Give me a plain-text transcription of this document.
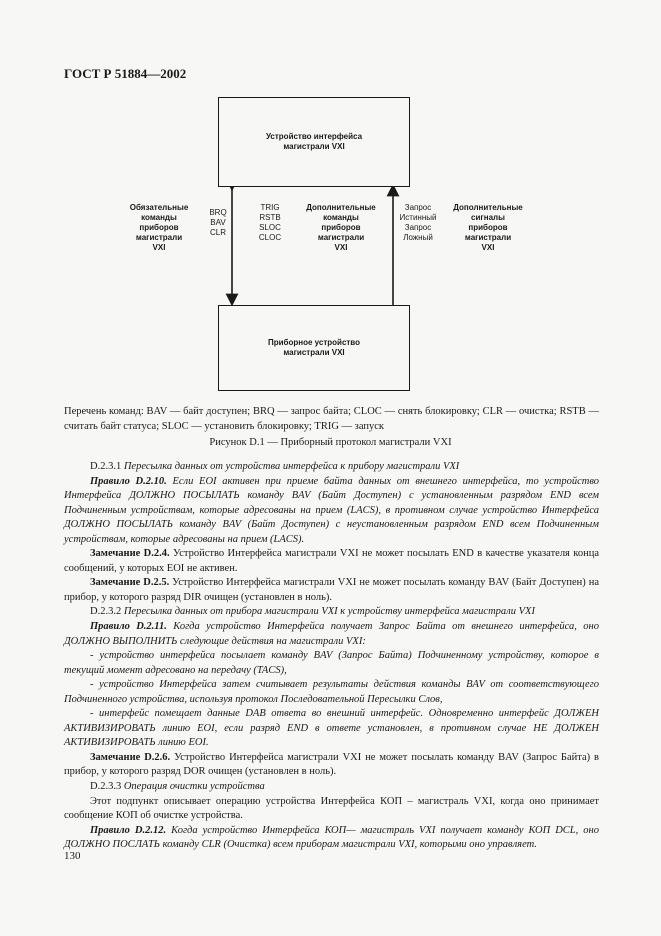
ГОСТ Р 51884—2002
Устройство интерфейса
магистрали VXI
Приборное устройство
магистрали VXI
Обязательные
команды
приборов
магистрали
VXI
BRQ
BAV
CLR
TRIG
RSTB
SLOC
CLOC
Дополнительные
команды
приборов
магистрали
VXI
Запрос
Истинный
Запрос
Ложный
Дополнительные
сигналы
приборов
магистрали
VXI
Перечень команд: BAV — байт доступен; BRQ — запрос байта; CLOC — снять блокировку; CLR — очистка; RSTB — считать байт статуса; SLOC — установить блокировку; TRIG — запуск
Рисунок D.1 — Приборный протокол магистрали VXI

D.2.3.1 Пересылка данных от устройства интерфейса к прибору магистрали VXI

Правило D.2.10. Если EOI активен при приеме байта данных от внешнего интерфейса, то устройство Интерфейса ДОЛЖНО ПОСЫЛАТЬ команду BAV (Байт Доступен) с установленным разрядом END всем Подчиненным устройствам, которые адресованы на прием (LACS), в противном случае устройство Интерфейса ДОЛЖНО ПОСЫЛАТЬ команду BAV (Байт Доступен) с неустановленным разрядом END всем Подчиненным устройствам, которые адресованы на прием (LACS).

Замечание D.2.4. Устройство Интерфейса магистрали VXI не может посылать END в качестве указателя конца сообщений, у которых EOI не активен.

Замечание D.2.5. Устройство Интерфейса магистрали VXI не может посылать команду BAV (Байт Доступен) на прибор, у которого разряд DIR очищен (установлен в ноль).

D.2.3.2 Пересылка данных от прибора магистрали VXI к устройству интерфейса магистрали VXI

Правило D.2.11. Когда устройство Интерфейса получает Запрос Байта от внешнего интерфейса, оно ДОЛЖНО ВЫПОЛНИТЬ следующие действия на магистрали VXI:

- устройство интерфейса посылает команду BAV (Запрос Байта) Подчиненному устройству, которое в текущий момент адресовано на передачу (TACS),

- устройство Интерфейса затем считывает результаты действия команды BAV от соответствующего Подчиненного устройства, используя протокол Последовательной Пересылки Слов,

- интерфейс помещает данные DAB ответа во внешний интерфейс. Одновременно интерфейс ДОЛЖЕН АКТИВИЗИРОВАТЬ линию EOI, если разряд END в ответе установлен, в противном случае НЕ ДОЛЖЕН АКТИВИЗИРОВАТЬ линию EOI.

Замечание D.2.6. Устройство Интерфейса магистрали VXI не может посылать команду BAV (Запрос Байта) в прибор, у которого разряд DOR очищен (установлен в ноль).

D.2.3.3 Операция очистки устройства

Этот подпункт описывает операцию устройства Интерфейса КОП – магистраль VXI, когда оно принимает сообщение КОП об очистке устройства.

Правило D.2.12. Когда устройство Интерфейса КОП— магистраль VXI получает команду КОП DCL, оно ДОЛЖНО ПОСЛАТЬ команду CLR (Очистка) всем приборам магистрали VXI, которыми оно управляет.

130
